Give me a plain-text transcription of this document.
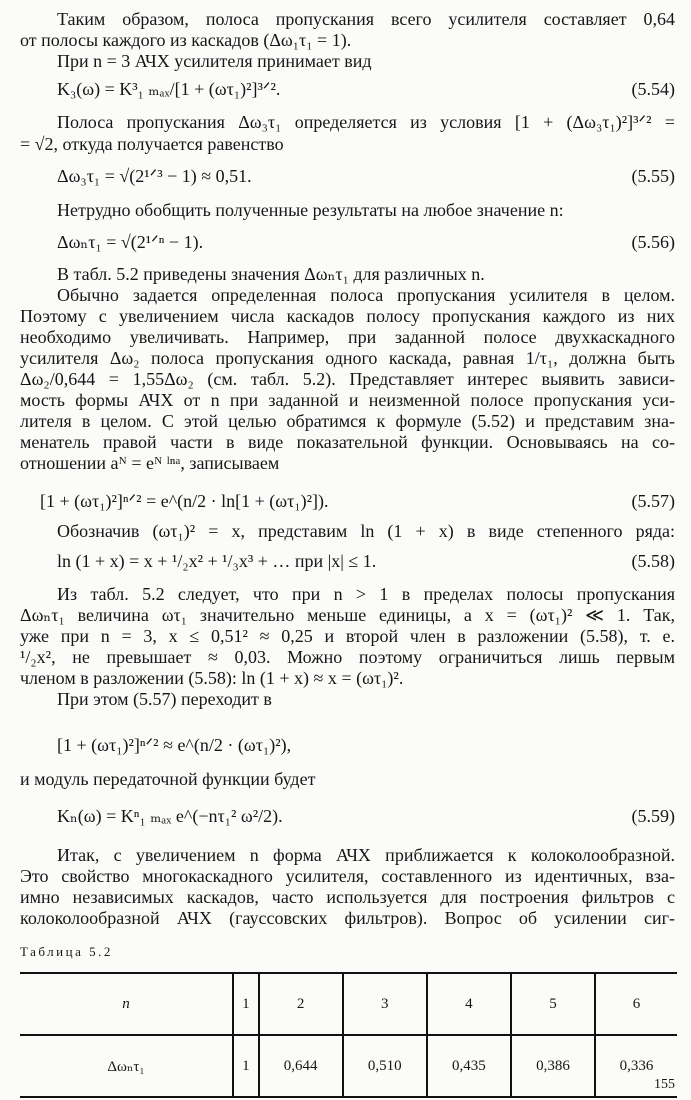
Таким образом, полоса пропускания всего усилителя составляет 0,64
от полосы каждого из каскадов (Δω₁τ₁ = 1).
При n = 3 АЧХ усилителя принимает вид
K₃(ω) = K³₁ ₘₐₓ/[1 + (ωτ₁)²]³ᐟ².	(5.54)
Полоса пропускания Δω₃τ₁ определяется из условия [1 + (Δω₃τ₁)²]³ᐟ² =
= √2, откуда получается равенство
Δω₃τ₁ = √(2¹ᐟ³ − 1) ≈ 0,51.	(5.55)
Нетрудно обобщить полученные результаты на любое значение n:
Δωₙτ₁ = √(2¹ᐟⁿ − 1).	(5.56)
В табл. 5.2 приведены значения Δωₙτ₁ для различных n.
Обычно задается определенная полоса пропускания усилителя в целом.
Поэтому с увеличением числа каскадов полосу пропускания каждого из них
необходимо увеличивать. Например, при заданной полосе двухкаскадного
усилителя Δω₂ полоса пропускания одного каскада, равная 1/τ₁, должна быть
Δω₂/0,644 = 1,55Δω₂ (см. табл. 5.2). Представляет интерес выявить зависи-
мость формы АЧХ от n при заданной и неизменной полосе пропускания уси-
лителя в целом. С этой целью обратимся к формуле (5.52) и представим зна-
менатель правой части в виде показательной функции. Основываясь на со-
отношении aᴺ = eᴺ ˡⁿᵃ, записываем
[1 + (ωτ₁)²]ⁿᐟ² = e^(n/2 · ln[1 + (ωτ₁)²]).	(5.57)
Обозначив (ωτ₁)² = x, представим ln (1 + x) в виде степенного ряда:
ln (1 + x) = x + ¹/₂x² + ¹/₃x³ + … при |x| ≤ 1.	(5.58)
Из табл. 5.2 следует, что при n > 1 в пределах полосы пропускания
Δωₙτ₁ величина ωτ₁ значительно меньше единицы, а x = (ωτ₁)² ≪ 1. Так,
уже при n = 3, x ≤ 0,51² ≈ 0,25 и второй член в разложении (5.58), т. е.
¹/₂x², не превышает ≈ 0,03. Можно поэтому ограничиться лишь первым
членом в разложении (5.58): ln (1 + x) ≈ x = (ωτ₁)².
При этом (5.57) переходит в
[1 + (ωτ₁)²]ⁿᐟ² ≈ e^(n/2 · (ωτ₁)²),
и модуль передаточной функции будет
Kₙ(ω) = Kⁿ₁ ₘₐₓ e^(−nτ₁² ω²/2).	(5.59)
Итак, с увеличением n форма АЧХ приближается к колоколообразной.
Это свойство многокаскадного усилителя, составленного из идентичных, вза-
имно независимых каскадов, часто используется для построения фильтров с
колоколообразной АЧХ (гауссовских фильтров). Вопрос об усилении сиг-
Таблица 5.2
n	1	2	3	4	5	6
Δωₙτ₁	1	0,644	0,510	0,435	0,386	0,336
155
